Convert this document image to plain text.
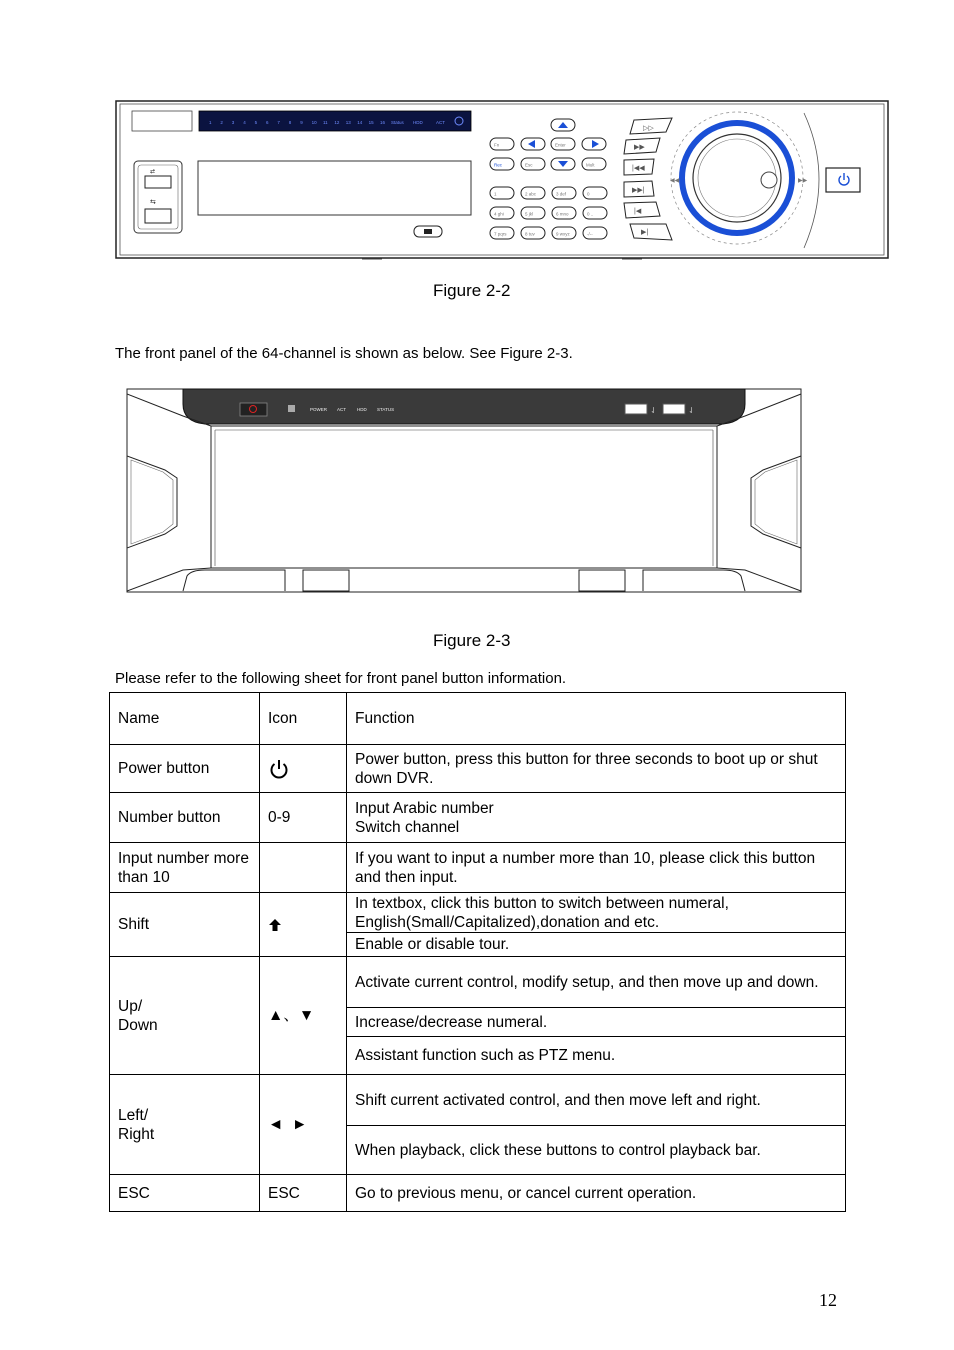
1 2 3 4 5 6 7 8 9 10 11 12 13 14 15 16 Status HDD	ACT
⇄
⇆
Fn	Enter
Rec	Esc	Mult
1	2 abc	3 def	0
4 ghi	5 jkl	6 mno	0 ..
7 pqrs	8 tuv	9 wxyz	-/--
▷▷
▶▶
|◀◀
▶▶|
|◀
▶|
◀◀	▶▶
Figure 2-2
The front panel of the 64-channel is shown as below. See Figure 2-3.
POWER ACT HDD STATUS	⇃	⇃
Figure 2-3
Please refer to the following sheet for front panel button information.
Name	Icon	Function
Power button		Power button, press this button for three seconds to boot up or shut down DVR.
Number button	0-9	Input Arabic number
Switch channel
Input number more than 10		If you want to input a number more than 10, please click this button and then input.
Shift		In textbox, click this button to switch between numeral, English(Small/Capitalized),donation and etc.
		Enable or disable tour.
Up/
Down	▲、▼	Activate current control, modify setup, and then move up and down.
		Increase/decrease numeral.
		Assistant function such as PTZ menu.
Left/
Right	◄  ►	Shift current activated control, and then move left and right.
		When playback, click these buttons to control playback bar.
ESC	ESC	Go to previous menu, or cancel current operation.
12
